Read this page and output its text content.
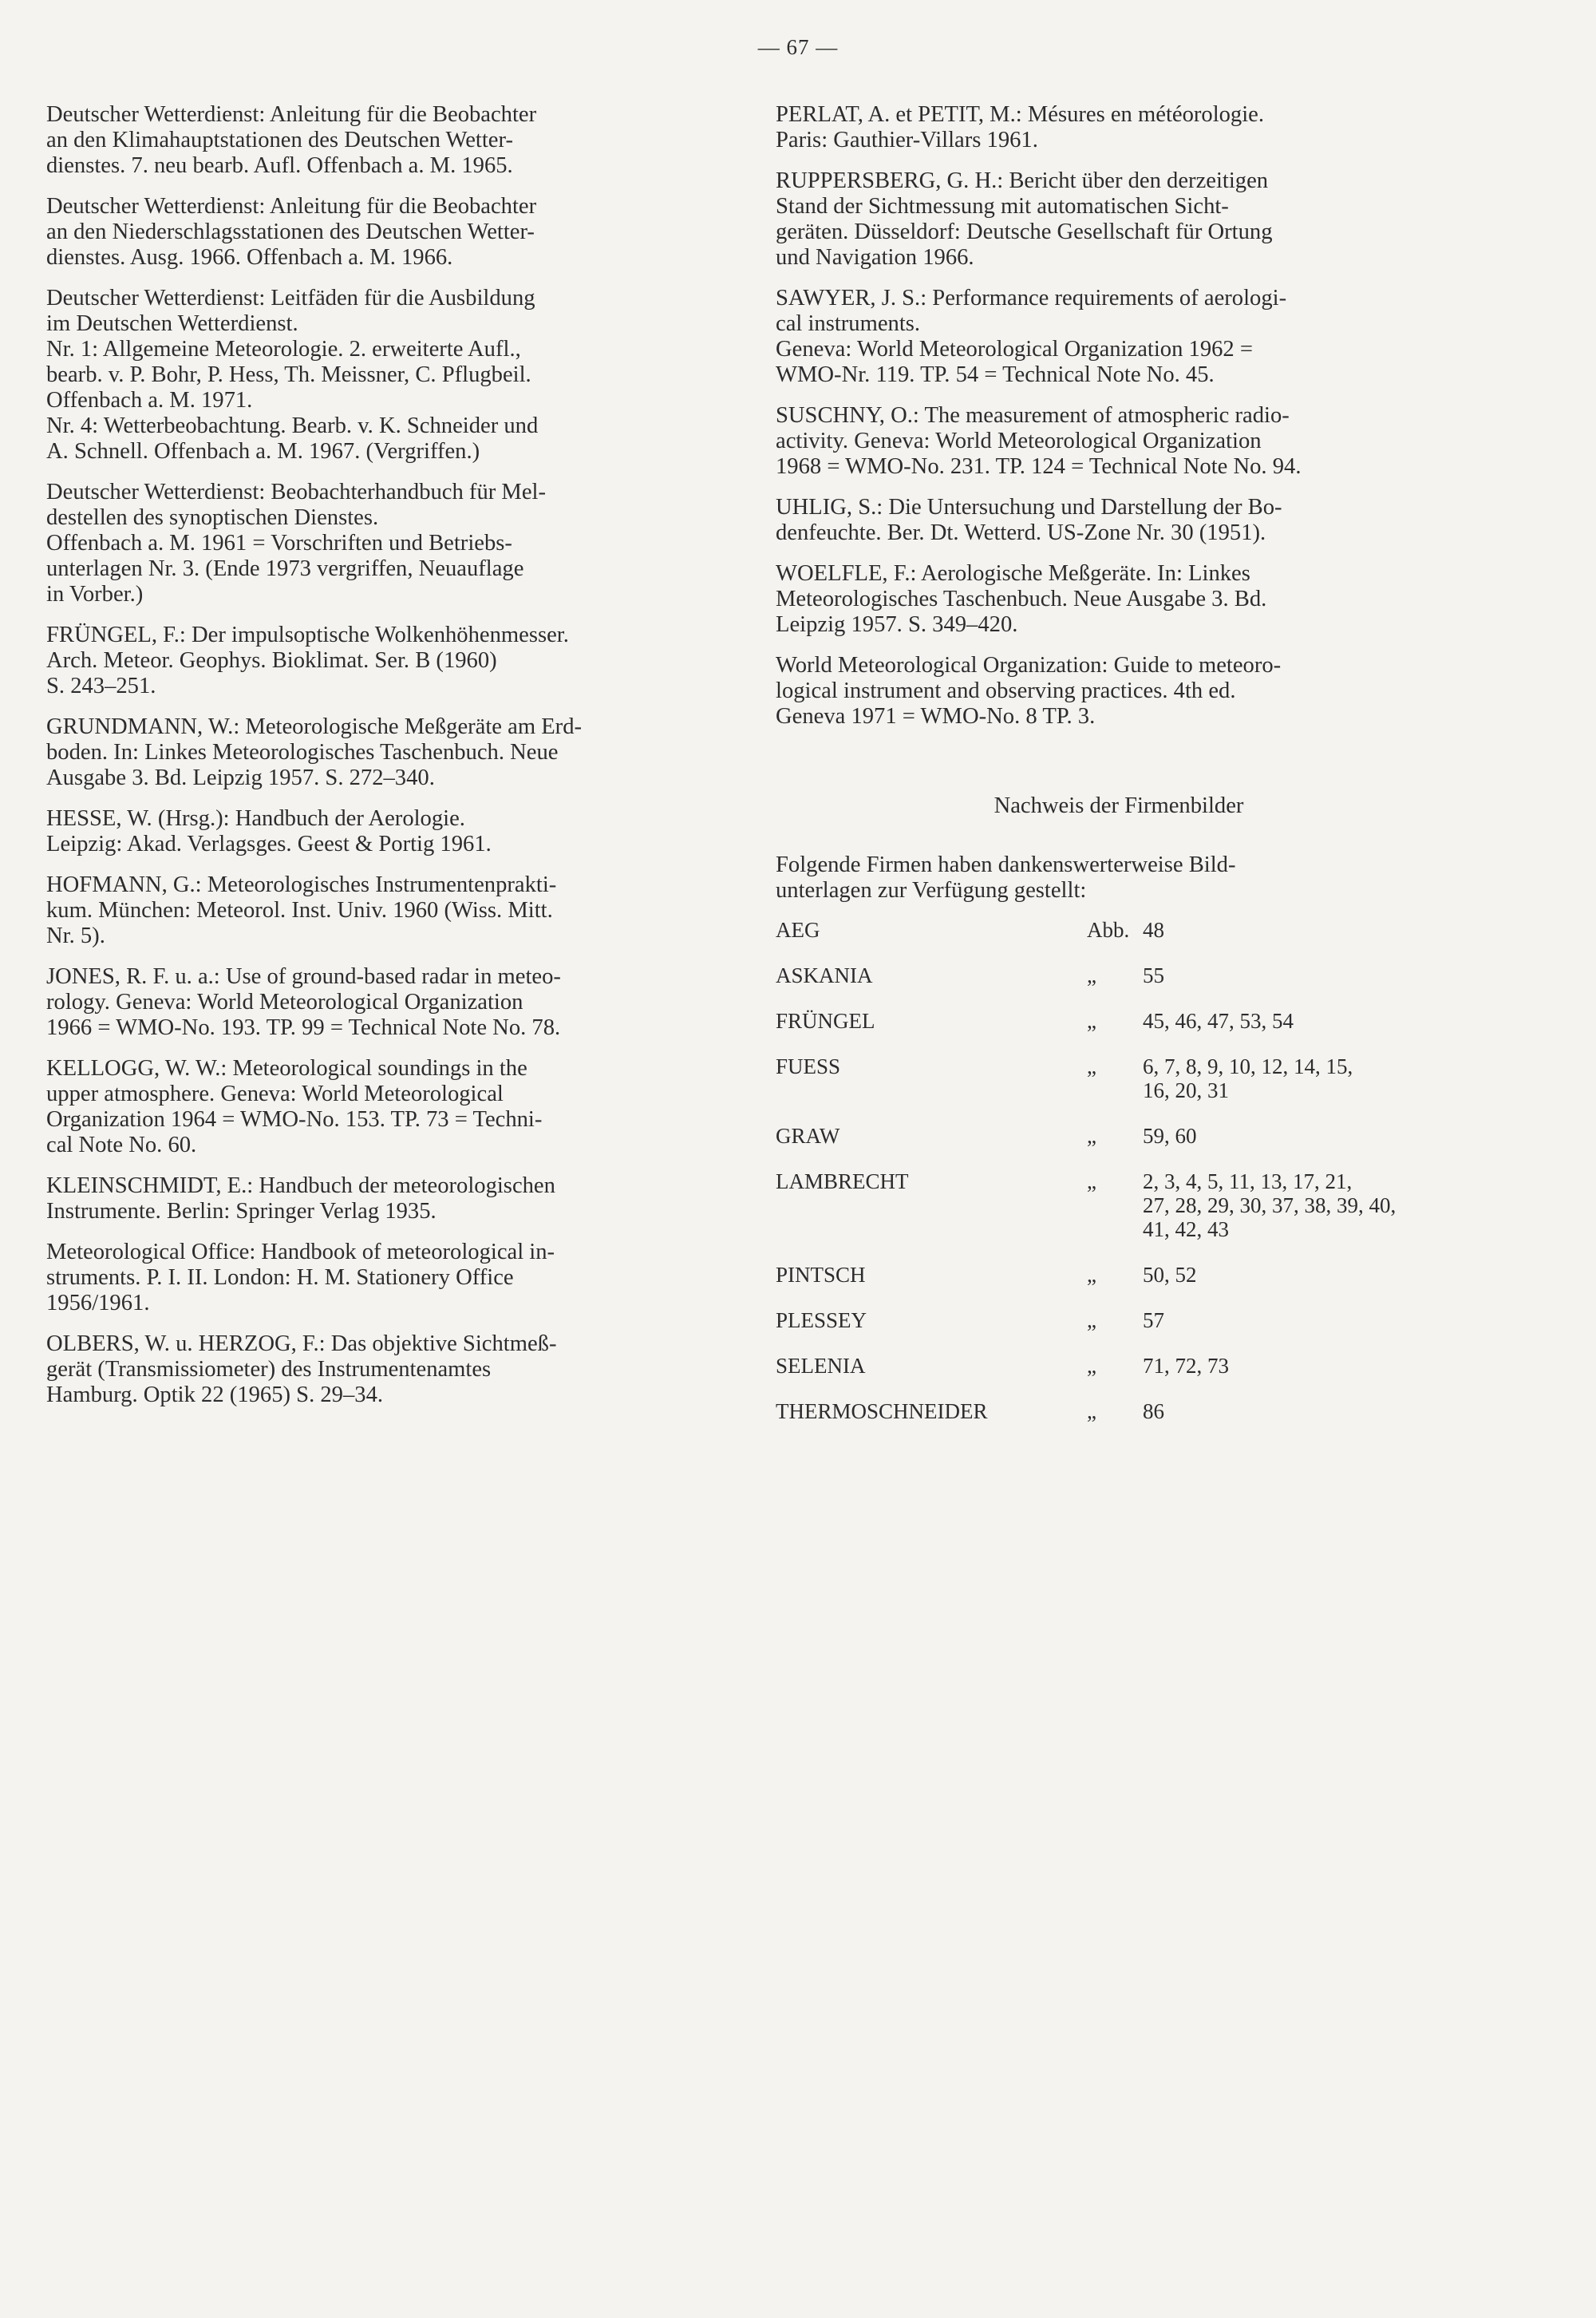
— 67 —
Deutscher Wetterdienst: Anleitung für die Beobachter
an den Klimahauptstationen des Deutschen Wetter-
dienstes. 7. neu bearb. Aufl. Offenbach a. M. 1965.
Deutscher Wetterdienst: Anleitung für die Beobachter
an den Niederschlagsstationen des Deutschen Wetter-
dienstes. Ausg. 1966. Offenbach a. M. 1966.
Deutscher Wetterdienst: Leitfäden für die Ausbildung
im Deutschen Wetterdienst.
Nr. 1: Allgemeine Meteorologie. 2. erweiterte Aufl.,
bearb. v. P. Bohr, P. Hess, Th. Meissner, C. Pflugbeil.
Offenbach a. M. 1971.
Nr. 4: Wetterbeobachtung. Bearb. v. K. Schneider und
A. Schnell. Offenbach a. M. 1967. (Vergriffen.)
Deutscher Wetterdienst: Beobachterhandbuch für Mel-
destellen des synoptischen Dienstes.
Offenbach a. M. 1961 = Vorschriften und Betriebs-
unterlagen Nr. 3. (Ende 1973 vergriffen, Neuauflage
in Vorber.)
FRÜNGEL, F.: Der impulsoptische Wolkenhöhenmesser.
Arch. Meteor. Geophys. Bioklimat. Ser. B (1960)
S. 243–251.
GRUNDMANN, W.: Meteorologische Meßgeräte am Erd-
boden. In: Linkes Meteorologisches Taschenbuch. Neue
Ausgabe 3. Bd. Leipzig 1957. S. 272–340.
HESSE, W. (Hrsg.): Handbuch der Aerologie.
Leipzig: Akad. Verlagsges. Geest & Portig 1961.
HOFMANN, G.: Meteorologisches Instrumentenprakti-
kum. München: Meteorol. Inst. Univ. 1960 (Wiss. Mitt.
Nr. 5).
JONES, R. F. u. a.: Use of ground-based radar in meteo-
rology. Geneva: World Meteorological Organization
1966 = WMO-No. 193. TP. 99 = Technical Note No. 78.
KELLOGG, W. W.: Meteorological soundings in the
upper atmosphere. Geneva: World Meteorological
Organization 1964 = WMO-No. 153. TP. 73 = Techni-
cal Note No. 60.
KLEINSCHMIDT, E.: Handbuch der meteorologischen
Instrumente. Berlin: Springer Verlag 1935.
Meteorological Office: Handbook of meteorological in-
struments. P. I. II. London: H. M. Stationery Office
1956/1961.
OLBERS, W. u. HERZOG, F.: Das objektive Sichtmeß-
gerät (Transmissiometer) des Instrumentenamtes
Hamburg. Optik 22 (1965) S. 29–34.
PERLAT, A. et PETIT, M.: Mésures en météorologie.
Paris: Gauthier-Villars 1961.
RUPPERSBERG, G. H.: Bericht über den derzeitigen
Stand der Sichtmessung mit automatischen Sicht-
geräten. Düsseldorf: Deutsche Gesellschaft für Ortung
und Navigation 1966.
SAWYER, J. S.: Performance requirements of aerologi-
cal instruments.
Geneva: World Meteorological Organization 1962 =
WMO-Nr. 119. TP. 54 = Technical Note No. 45.
SUSCHNY, O.: The measurement of atmospheric radio-
activity. Geneva: World Meteorological Organization
1968 = WMO-No. 231. TP. 124 = Technical Note No. 94.
UHLIG, S.: Die Untersuchung und Darstellung der Bo-
denfeuchte. Ber. Dt. Wetterd. US-Zone Nr. 30 (1951).
WOELFLE, F.: Aerologische Meßgeräte. In: Linkes
Meteorologisches Taschenbuch. Neue Ausgabe 3. Bd.
Leipzig 1957. S. 349–420.
World Meteorological Organization: Guide to meteoro-
logical instrument and observing practices. 4th ed.
Geneva 1971 = WMO-No. 8 TP. 3.
Nachweis der Firmenbilder
Folgende Firmen haben dankenswerterweise Bild-
unterlagen zur Verfügung gestellt:
AEG	Abb. 48
ASKANIA	„	55
FRÜNGEL	„	45, 46, 47, 53, 54
FUESS	„	6, 7, 8, 9, 10, 12, 14, 15,
16, 20, 31
GRAW	„	59, 60
LAMBRECHT	„	2, 3, 4, 5, 11, 13, 17, 21,
27, 28, 29, 30, 37, 38, 39, 40,
41, 42, 43
PINTSCH	„	50, 52
PLESSEY	„	57
SELENIA	„	71, 72, 73
THERMOSCHNEIDER	„	86
